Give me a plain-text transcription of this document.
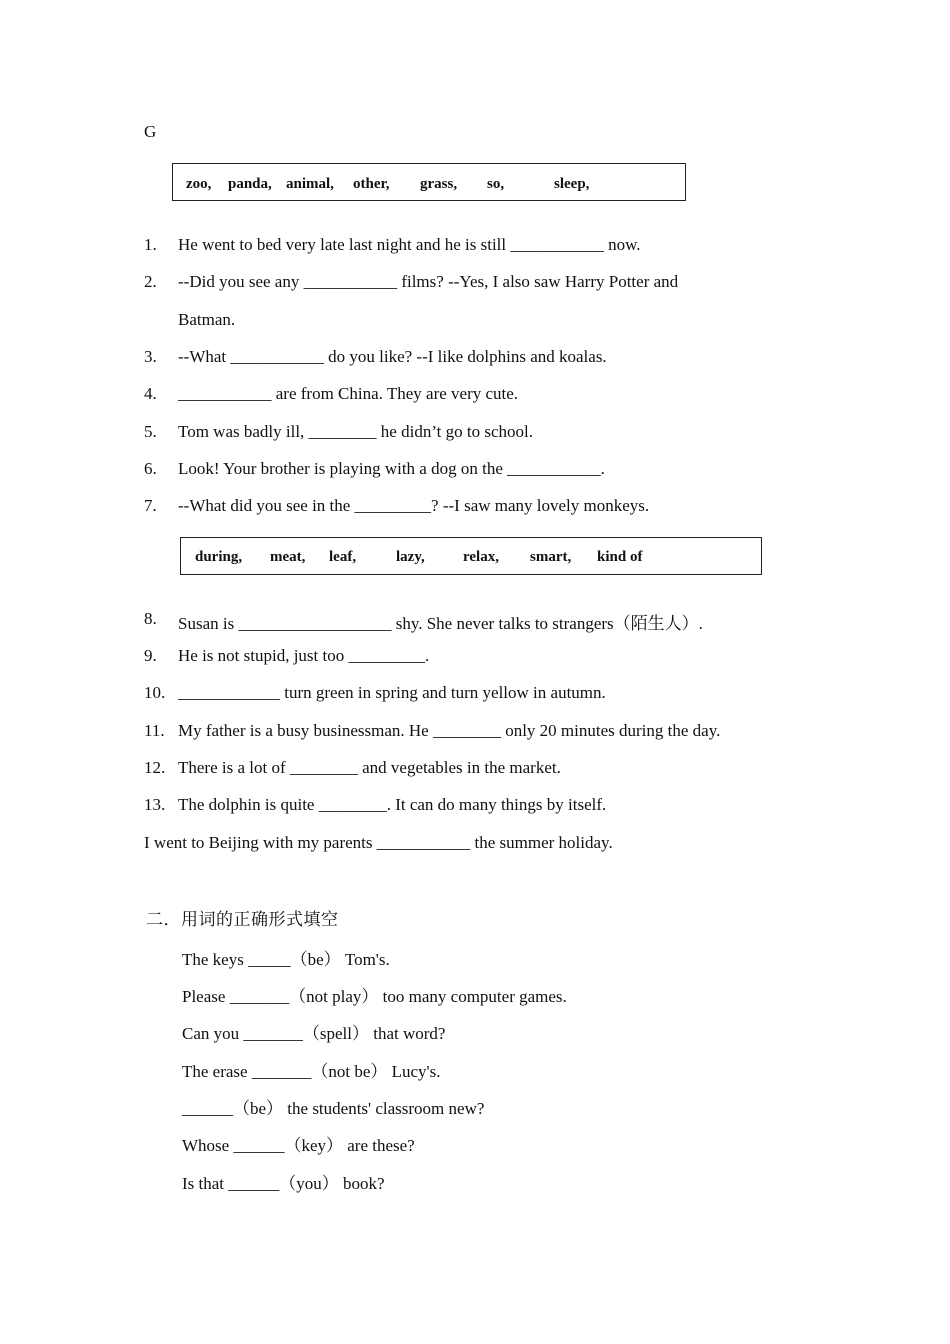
G
zoo, panda, animal, other, grass, so,	sleep,
1. He went to bed very late last night and he is still ___________ now.
2. --Did you see any ___________ films? --Yes, I also saw Harry Potter and
Batman.
3. --What ___________ do you like? --I like dolphins and koalas.
4. ___________ are from China. They are very cute.
5. Tom was badly ill, ________ he didn’t go to school.
6. Look! Your brother is playing with a dog on the ___________.
7. --What did you see in the _________? --I saw many lovely monkeys.
during, meat, leaf,	lazy,	relax, smart, kind of
8. Susan is __________________ shy. She never talks to strangers（陌生人）.
9. He is not stupid, just too _________.
10. ____________ turn green in spring and turn yellow in autumn.
11. My father is a busy businessman. He ________ only 20 minutes during the day.
12. There is a lot of ________ and vegetables in the market.
13. The dolphin is quite ________. It can do many things by itself.
I went to Beijing with my parents ___________ the summer holiday.
二．用词的正确形式填空
The keys _____（be） Tom's.
Please _______（not play） too many computer games.
Can you _______（spell） that word?
The erase _______（not be） Lucy's.
______（be） the students' classroom new?
Whose ______（key） are these?
Is that ______（you） book?
